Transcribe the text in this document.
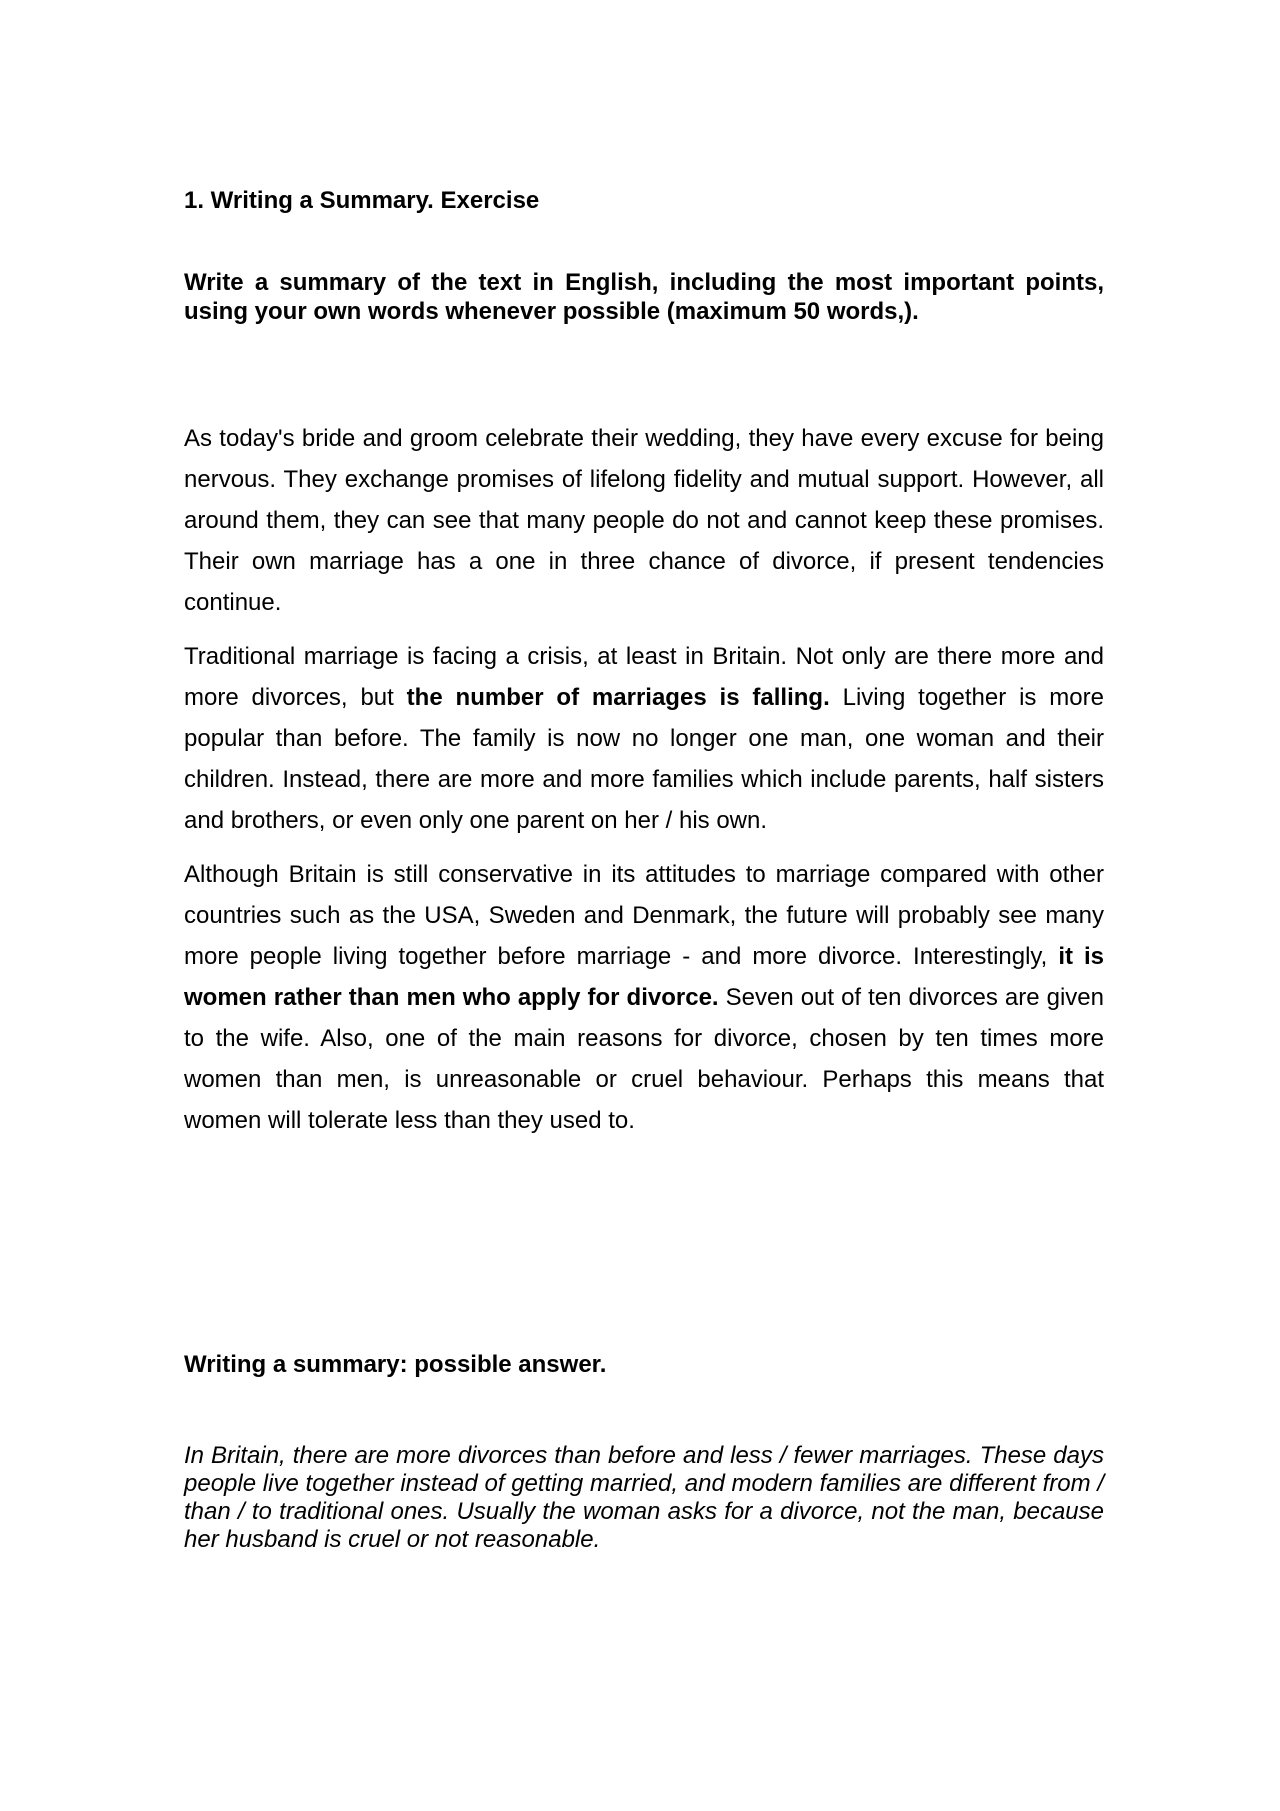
1. Writing a Summary. Exercise

Write a summary of the text in English, including the most important points, using your own words whenever possible (maximum 50 words,).

As today's bride and groom celebrate their wedding, they have every excuse for being nervous. They exchange promises of lifelong fidelity and mutual support. However, all around them, they can see that many people do not and cannot keep these promises. Their own marriage has a one in three chance of divorce, if present tendencies continue.

Traditional marriage is facing a crisis, at least in Britain. Not only are there more and more divorces, but the number of marriages is falling. Living together is more popular than before. The family is now no longer one man, one woman and their children. Instead, there are more and more families which include parents, half sisters and brothers, or even only one parent on her / his own.

Although Britain is still conservative in its attitudes to marriage compared with other countries such as the USA, Sweden and Denmark, the future will probably see many more people living together before marriage - and more divorce. Interestingly, it is women rather than men who apply for divorce. Seven out of ten divorces are given to the wife. Also, one of the main reasons for divorce, chosen by ten times more women than men, is unreasonable or cruel behaviour. Perhaps this means that women will tolerate less than they used to.

Writing a summary: possible answer.

In Britain, there are more divorces than before and less / fewer marriages. These days people live together instead of getting married, and modern families are different from / than / to traditional ones. Usually the woman asks for a divorce, not the man, because her husband is cruel or not reasonable.
